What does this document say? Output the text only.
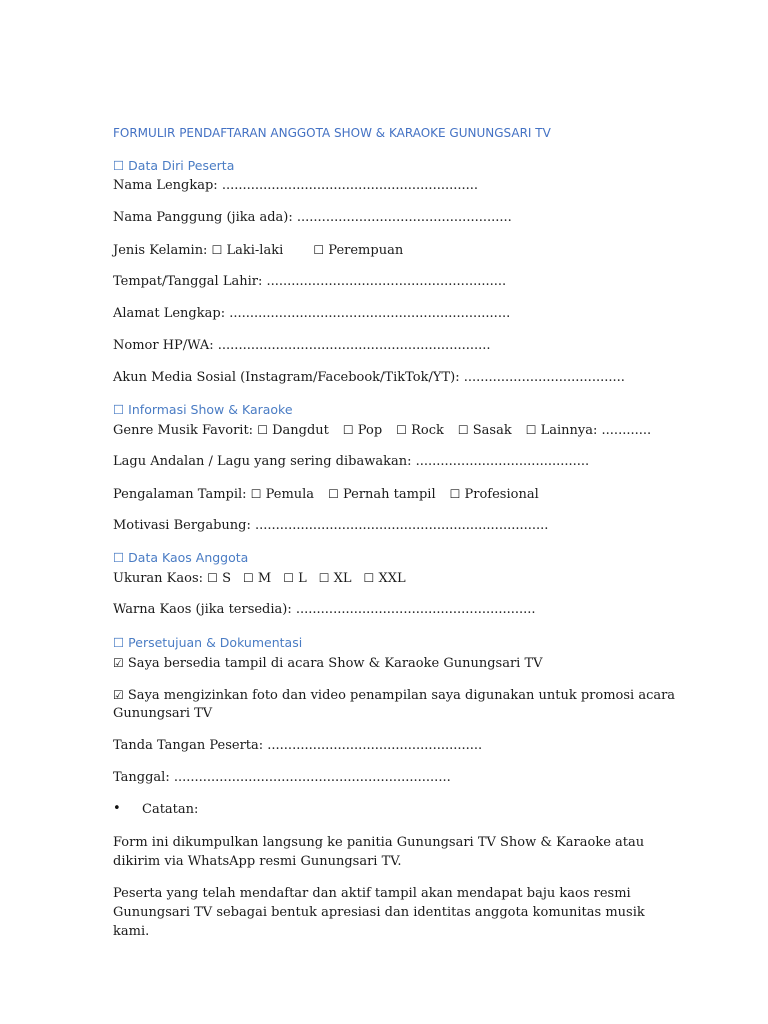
FORMULIR PENDAFTARAN ANGGOTA SHOW & KARAOKE GUNUNGSARI TV
☐ Data Diri Peserta
Nama Lengkap: ..............................................................
Nama Panggung (jika ada): ....................................................
Jenis Kelamin: ☐ Laki-laki	☐ Perempuan
Tempat/Tanggal Lahir: ..........................................................
Alamat Lengkap: ....................................................................
Nomor HP/WA: ..................................................................
Akun Media Sosial (Instagram/Facebook/TikTok/YT): .......................................
☐ Informasi Show & Karaoke
Genre Musik Favorit: ☐ Dangdut ☐ Pop ☐ Rock ☐ Sasak ☐ Lainnya: ............
Lagu Andalan / Lagu yang sering dibawakan: ..........................................
Pengalaman Tampil: ☐ Pemula ☐ Pernah tampil ☐ Profesional
Motivasi Bergabung: .......................................................................
☐ Data Kaos Anggota
Ukuran Kaos: ☐ S ☐ M ☐ L ☐ XL ☐ XXL
Warna Kaos (jika tersedia): ..........................................................
☐ Persetujuan & Dokumentasi
☑ Saya bersedia tampil di acara Show & Karaoke Gunungsari TV
☑ Saya mengizinkan foto dan video penampilan saya digunakan untuk promosi acara
Gunungsari TV
Tanda Tangan Peserta: ....................................................
Tanggal: ...................................................................
• Catatan:
Form ini dikumpulkan langsung ke panitia Gunungsari TV Show & Karaoke atau dikirim via WhatsApp resmi Gunungsari TV.
Peserta yang telah mendaftar dan aktif tampil akan mendapat baju kaos resmi Gunungsari TV sebagai bentuk apresiasi dan identitas anggota komunitas musik kami.
